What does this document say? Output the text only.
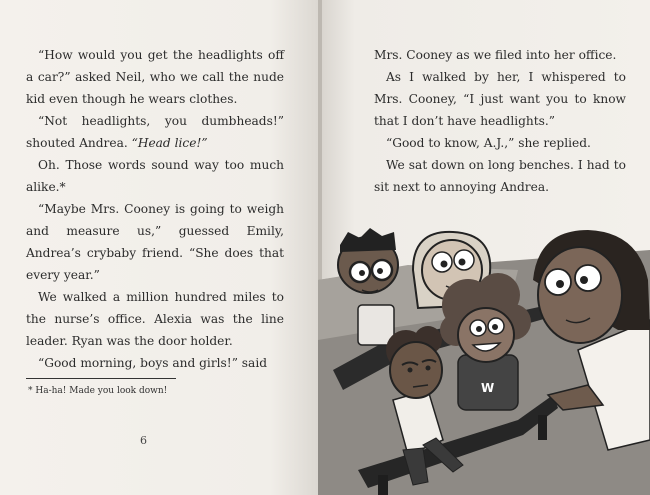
“How would you get the headlights off a car?” asked Neil, who we call the nude kid even though he wears clothes.

“Not headlights, you dumbheads!” shouted Andrea. “Head lice!”

Oh. Those words sound way too much alike.*

“Maybe Mrs. Cooney is going to weigh and measure us,” guessed Emily, Andrea’s crybaby friend. “She does that every year.”

We walked a million hundred miles to the nurse’s office. Alexia was the line leader. Ryan was the door holder.

“Good morning, boys and girls!” said

* Ha-ha! Made you look down!
6

Mrs. Cooney as we filed into her office.

As I walked by her, I whispered to Mrs. Cooney, “I just want you to know that I don’t have headlights.”

“Good to know, A.J.,” she replied.

We sat down on long benches. I had to sit next to annoying Andrea.

W
